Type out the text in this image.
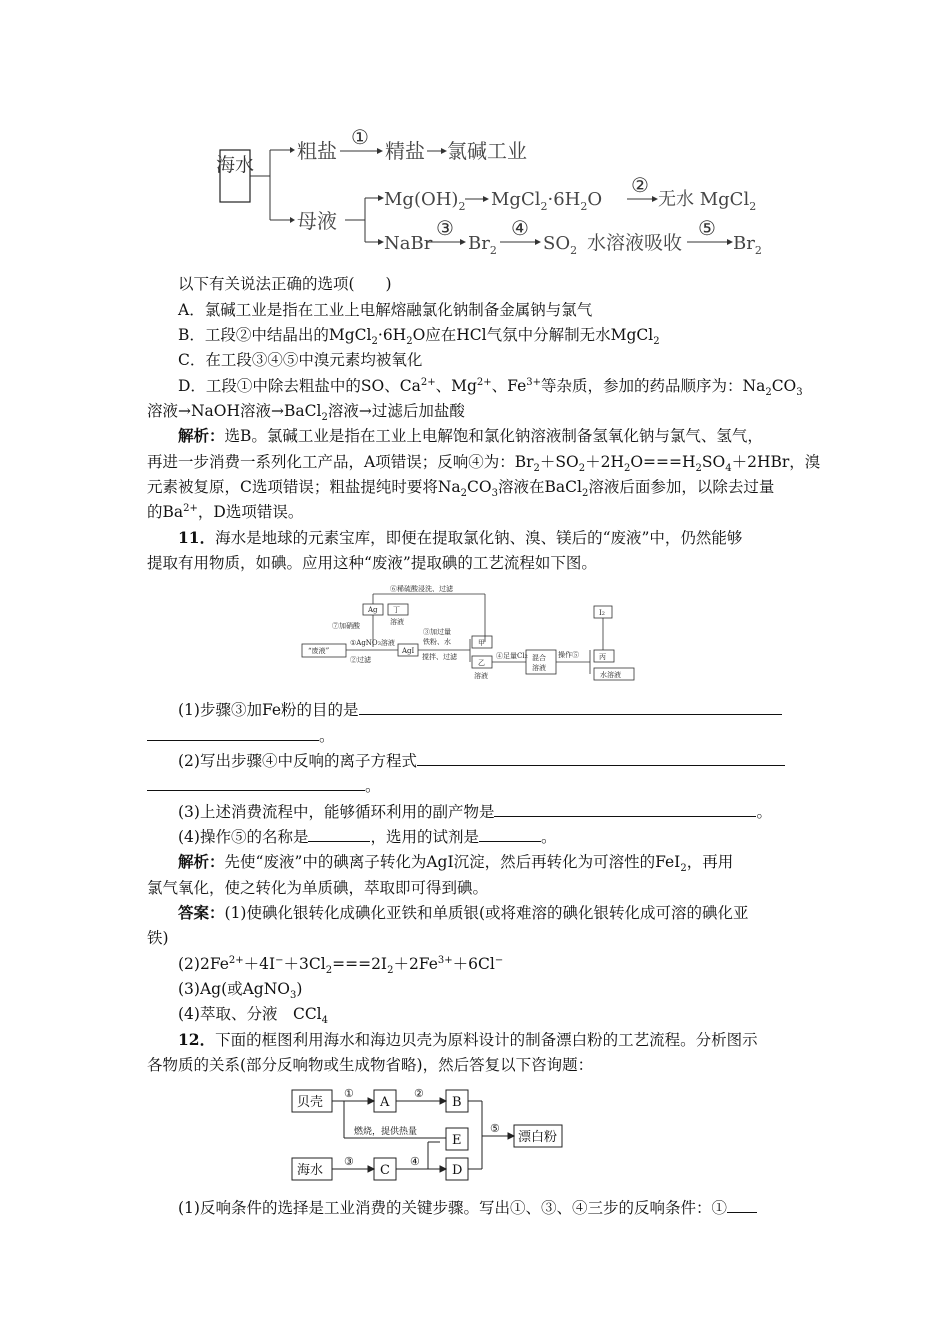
海水
粗盐
①
精盐 氯碱工业
母液
$Mg(OH)_2$ $MgCl_2\cdot 6H_2O$
②
无水 MgCl$_2$
NaBr
③
$Br_2$
④
$SO_2$ 水溶液吸收
⑤
$Br_2$
以下有关说法正确的选项(　　)
A．氯碱工业是指在工业上电解熔融氯化钠制备金属钠与氯气
B．工段②中结晶出的$MgCl_2\cdot 6H_2O$应在HCl气氛中分解制无水MgCl$_2$
C．在工段③④⑤中溴元素均被氧化
D．工段①中除去粗盐中的SO、$Ca^{2+}$、$Mg^{2+}$、$Fe^{3+}$等杂质，参加的药品顺序为：$Na_2CO_3$
溶液→NaOH溶液→BaCl$_2$溶液→过滤后加盐酸
解析：选B。氯碱工业是指在工业上电解饱和氯化钠溶液制备氢氧化钠与氯气、氢气，
再进一步消费一系列化工产品，A项错误；反响④为：$Br_2+SO_2+2H_2O===H_2SO_4+2HBr$，溴
元素被复原，C选项错误；粗盐提纯时要将$Na_2CO_3$溶液在BaCl$_2$溶液后面参加，以除去过量
的$Ba^{2+}$，D选项错误。
11．海水是地球的元素宝库，即便在提取氯化钠、溴、镁后的“废液”中，仍然能够
提取有用物质，如碘。应用这种“废液”提取碘的工艺流程如下图。
⑥稀硫酸浸洗、过滤
Ag 丁
溶液
⑦加硝酸
“废液”
①AgNO3溶液
②过滤
AgI
③加过量
铁粉、水
搅拌、过滤
甲
乙
溶液
④足量Cl2 混合
溶液
操作⑤
I2
丙
水溶液
(1)步骤③加Fe粉的目的是
。
(2)写出步骤④中反响的离子方程式
。
(3)上述消费流程中，能够循环利用的副产物是	。
(4)操作⑤的名称是	，选用的试剂是	。
解析：先使“废液”中的碘离子转化为AgI沉淀，然后再转化为可溶性的FeI$_2$，再用
氯气氧化，使之转化为单质碘，萃取即可得到碘。
答案：(1)使碘化银转化成碘化亚铁和单质银(或将难溶的碘化银转化成可溶的碘化亚
铁)
$(2)2Fe^{2+}+4I^-+3Cl_2===2I_2+2Fe^{3+}+6Cl^-$
(3)Ag(或AgNO$_3$)
(4)萃取、分液　CCl$_4$
12．下面的框图利用海水和海边贝壳为原料设计的制备漂白粉的工艺流程。分析图示
各物质的关系(部分反响物或生成物省略)，然后答复以下咨询题：
贝壳
①
A
②
B
燃烧，提供热量
E
⑤
漂白粉
海水
③
C
④
D
(1)反响条件的选择是工业消费的关键步骤。写出①、③、④三步的反响条件：①
